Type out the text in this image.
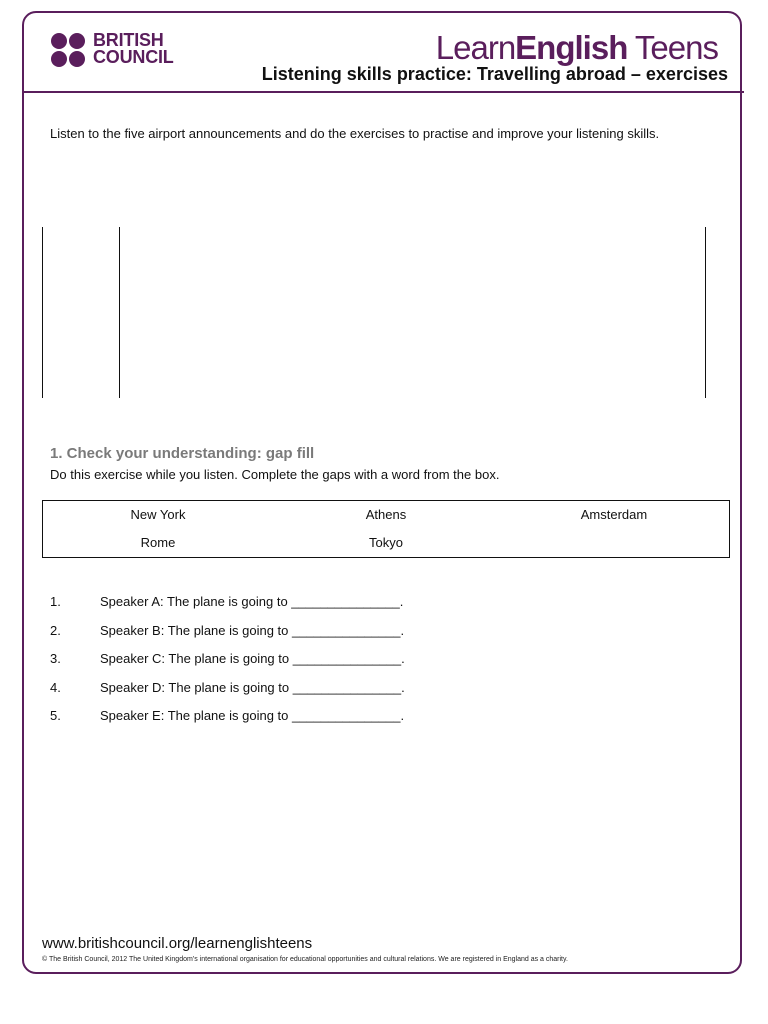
BRITISH
COUNCIL	LearnEnglish Teens
Listening skills practice: Travelling abroad – exercises
Listen to the five airport announcements and do the exercises to practise and improve your listening skills.
1. Check your understanding: gap fill
Do this exercise while you listen. Complete the gaps with a word from the box.
New York	Athens	Amsterdam
Rome	Tokyo
1.	Speaker A: The plane is going to _______________.
2.	Speaker B: The plane is going to _______________.
3.	Speaker C: The plane is going to _______________.
4.	Speaker D: The plane is going to _______________.
5.	Speaker E: The plane is going to _______________.
www.britishcouncil.org/learnenglishteens
© The British Council, 2012 The United Kingdom’s international organisation for educational opportunities and cultural relations. We are registered in England as a charity.
